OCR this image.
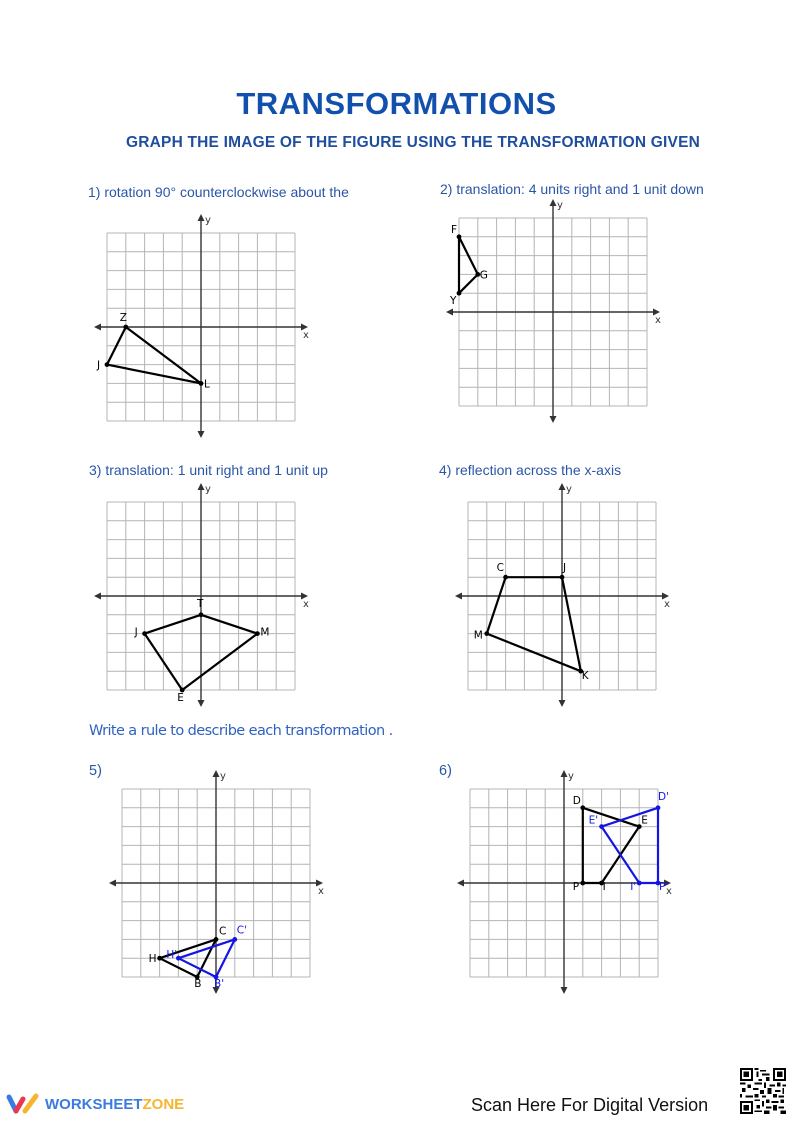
TRANSFORMATIONS
GRAPH THE IMAGE OF THE FIGURE USING THE TRANSFORMATION GIVEN
1) rotation 90° counterclockwise about the	2) translation: 4 units right and 1 unit down
3) translation: 1 unit right and 1 unit up	4) reflection across the x-axis
Write a rule to describe each transformation .
5)	6)
x
y
Z
L
J
x
y
F
G
Y
x
y
T
M
E
J
x
y
C	J
K
M
x
y
H
B
C
H'
B'
C'
x
y
D
E
I
P
D'
E'
I' P'
WORKSHEETZONE	Scan Here For Digital Version
